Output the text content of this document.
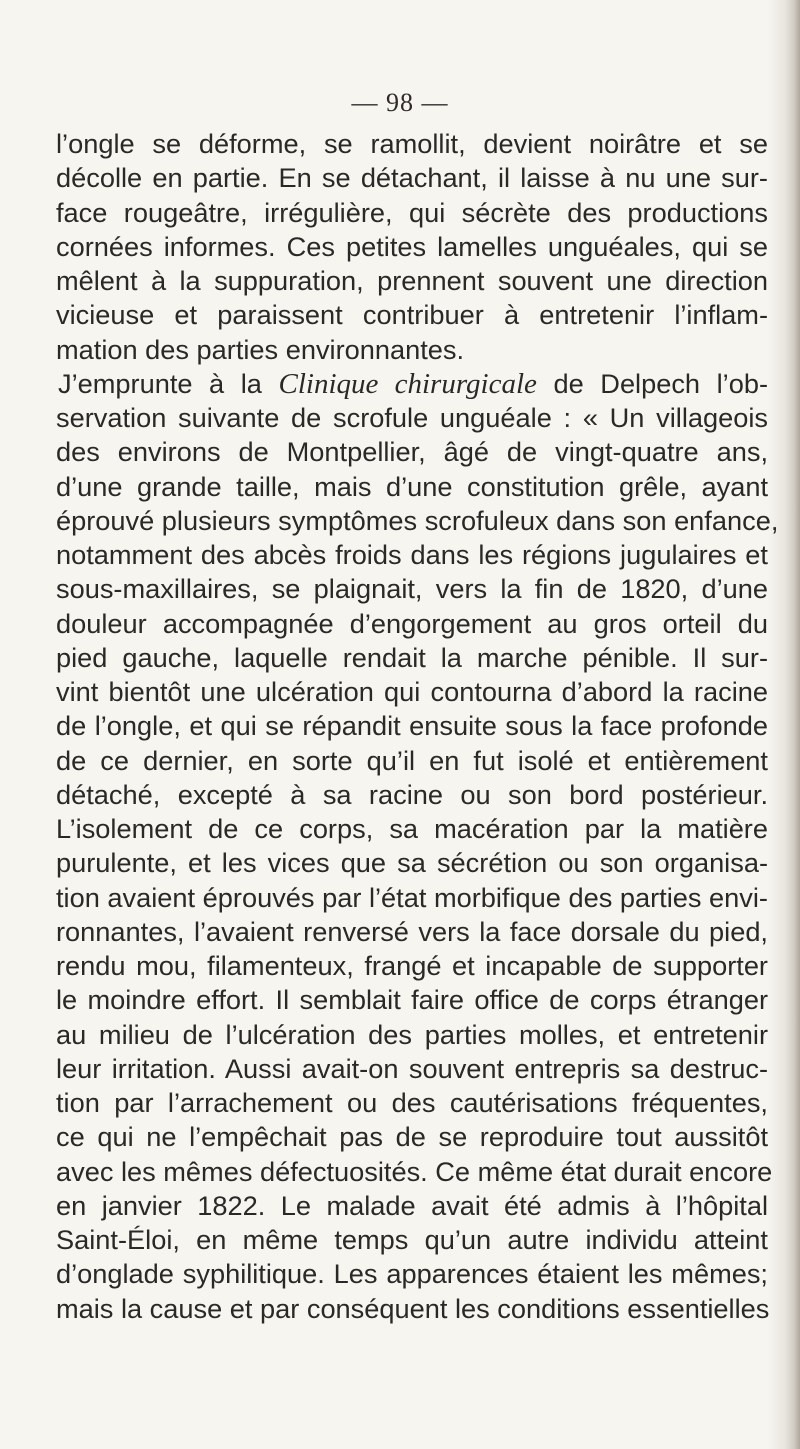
— 98 —
l’ongle se déforme, se ramollit, devient noirâtre et se
décolle en partie. En se détachant, il laisse à nu une sur-
face rougeâtre, irrégulière, qui sécrète des productions
cornées informes. Ces petites lamelles unguéales, qui se
mêlent à la suppuration, prennent souvent une direction
vicieuse et paraissent contribuer à entretenir l’inflam-
mation des parties environnantes.
J’emprunte à la Clinique chirurgicale de Delpech l’ob-
servation suivante de scrofule unguéale : « Un villageois
des environs de Montpellier, âgé de vingt-quatre ans,
d’une grande taille, mais d’une constitution grêle, ayant
éprouvé plusieurs symptômes scrofuleux dans son enfance,
notamment des abcès froids dans les régions jugulaires et
sous-maxillaires, se plaignait, vers la fin de 1820, d’une
douleur accompagnée d’engorgement au gros orteil du
pied gauche, laquelle rendait la marche pénible. Il sur-
vint bientôt une ulcération qui contourna d’abord la racine
de l’ongle, et qui se répandit ensuite sous la face profonde
de ce dernier, en sorte qu’il en fut isolé et entièrement
détaché, excepté à sa racine ou son bord postérieur.
L’isolement de ce corps, sa macération par la matière
purulente, et les vices que sa sécrétion ou son organisa-
tion avaient éprouvés par l’état morbifique des parties envi-
ronnantes, l’avaient renversé vers la face dorsale du pied,
rendu mou, filamenteux, frangé et incapable de supporter
le moindre effort. Il semblait faire office de corps étranger
au milieu de l’ulcération des parties molles, et entretenir
leur irritation. Aussi avait-on souvent entrepris sa destruc-
tion par l’arrachement ou des cautérisations fréquentes,
ce qui ne l’empêchait pas de se reproduire tout aussitôt
avec les mêmes défectuosités. Ce même état durait encore
en janvier 1822. Le malade avait été admis à l’hôpital
Saint-Éloi, en même temps qu’un autre individu atteint
d’onglade syphilitique. Les apparences étaient les mêmes;
mais la cause et par conséquent les conditions essentielles
